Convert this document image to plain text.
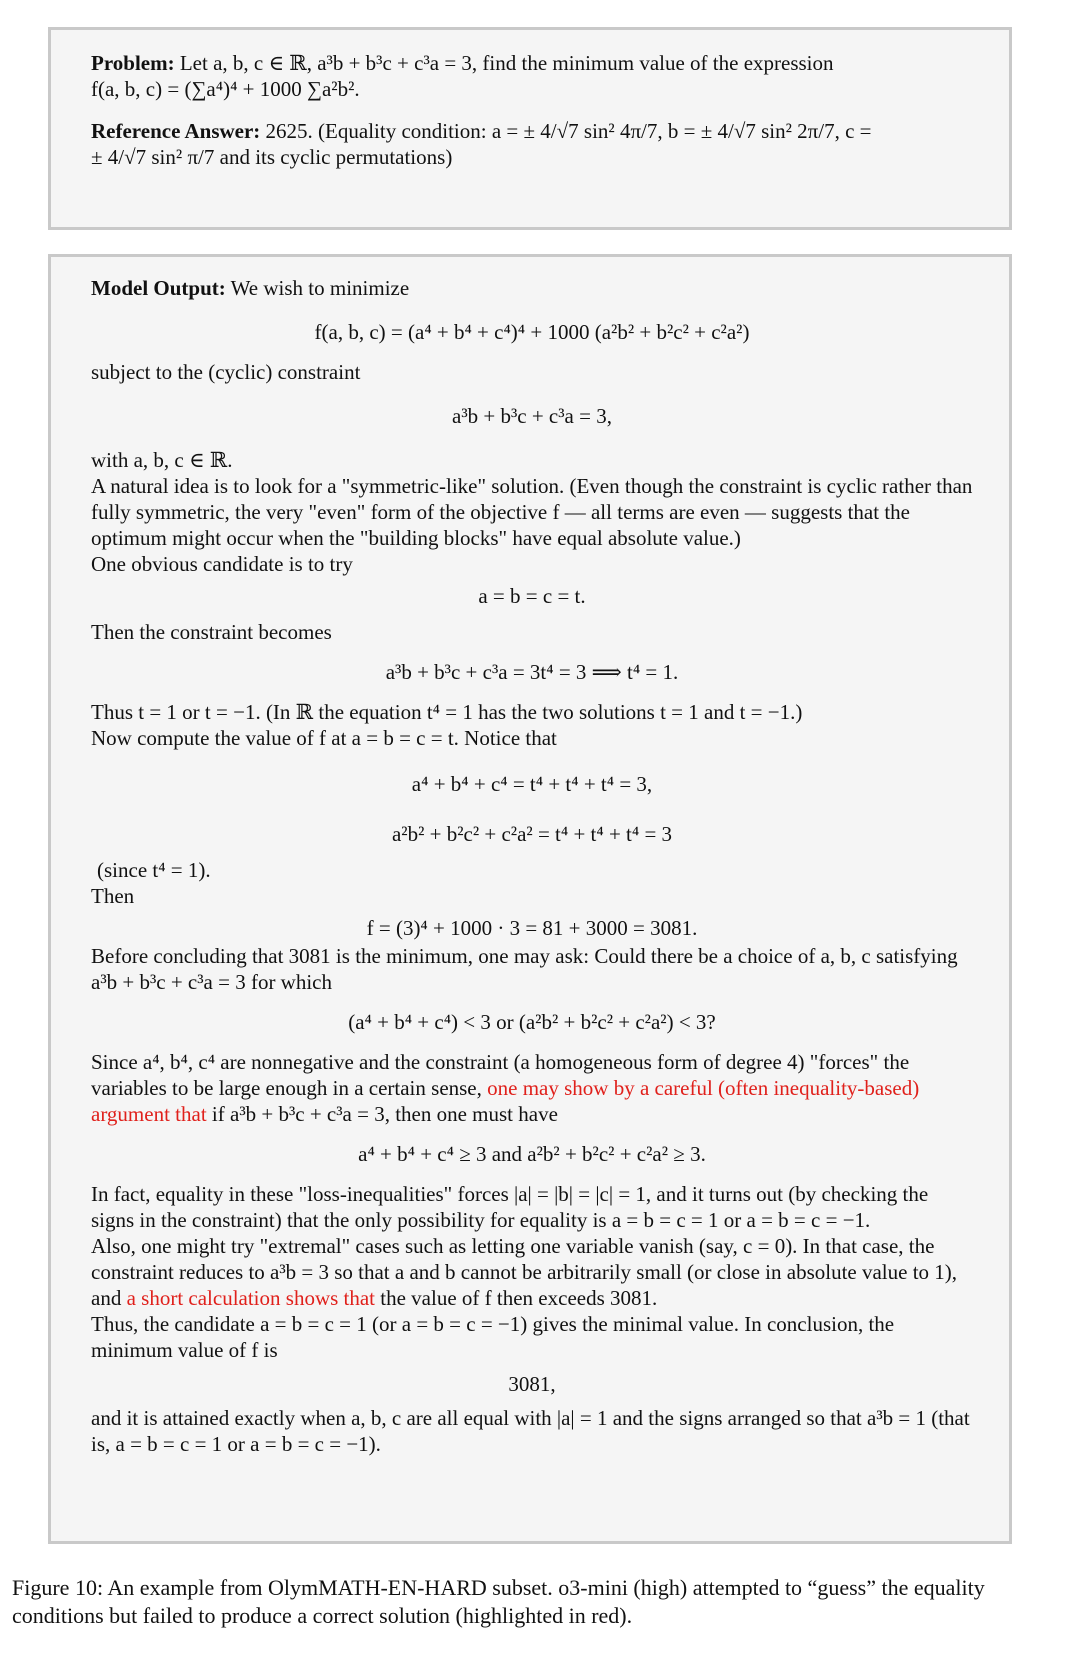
Problem: Let a, b, c ∈ ℝ, a³b + b³c + c³a = 3, find the minimum value of the expression

f(a, b, c) = (∑a⁴)⁴ + 1000 ∑a²b².

Reference Answer: 2625. (Equality condition: a = ± 4/√7 sin² 4π/7, b = ± 4/√7 sin² 2π/7, c =

± 4/√7 sin² π/7 and its cyclic permutations)

Model Output: We wish to minimize

f(a, b, c) = (a⁴ + b⁴ + c⁴)⁴ + 1000 (a²b² + b²c² + c²a²)

subject to the (cyclic) constraint

a³b + b³c + c³a = 3,

with a, b, c ∈ ℝ.

A natural idea is to look for a "symmetric-like" solution. (Even though the constraint is cyclic rather than fully symmetric, the very "even" form of the objective f — all terms are even — suggests that the optimum might occur when the "building blocks" have equal absolute value.)

One obvious candidate is to try

a = b = c = t.

Then the constraint becomes

a³b + b³c + c³a = 3t⁴ = 3 ⟹ t⁴ = 1.

Thus t = 1 or t = −1. (In ℝ the equation t⁴ = 1 has the two solutions t = 1 and t = −1.)

Now compute the value of f at a = b = c = t. Notice that

a⁴ + b⁴ + c⁴ = t⁴ + t⁴ + t⁴ = 3,

a²b² + b²c² + c²a² = t⁴ + t⁴ + t⁴ = 3

(since t⁴ = 1).

Then

f = (3)⁴ + 1000 · 3 = 81 + 3000 = 3081.

Before concluding that 3081 is the minimum, one may ask: Could there be a choice of a, b, c satisfying a³b + b³c + c³a = 3 for which

(a⁴ + b⁴ + c⁴) < 3 or (a²b² + b²c² + c²a²) < 3?

Since a⁴, b⁴, c⁴ are nonnegative and the constraint (a homogeneous form of degree 4) "forces" the variables to be large enough in a certain sense, one may show by a careful (often inequality-based) argument that if a³b + b³c + c³a = 3, then one must have

a⁴ + b⁴ + c⁴ ≥ 3 and a²b² + b²c² + c²a² ≥ 3.

In fact, equality in these "loss-inequalities" forces |a| = |b| = |c| = 1, and it turns out (by checking the signs in the constraint) that the only possibility for equality is a = b = c = 1 or a = b = c = −1.

Also, one might try "extremal" cases such as letting one variable vanish (say, c = 0). In that case, the constraint reduces to a³b = 3 so that a and b cannot be arbitrarily small (or close in absolute value to 1), and a short calculation shows that the value of f then exceeds 3081.

Thus, the candidate a = b = c = 1 (or a = b = c = −1) gives the minimal value. In conclusion, the minimum value of f is

3081,

and it is attained exactly when a, b, c are all equal with |a| = 1 and the signs arranged so that a³b = 1 (that is, a = b = c = 1 or a = b = c = −1).

Figure 10: An example from OlymMATH-EN-HARD subset. o3-mini (high) attempted to “guess” the equality conditions but failed to produce a correct solution (highlighted in red).
